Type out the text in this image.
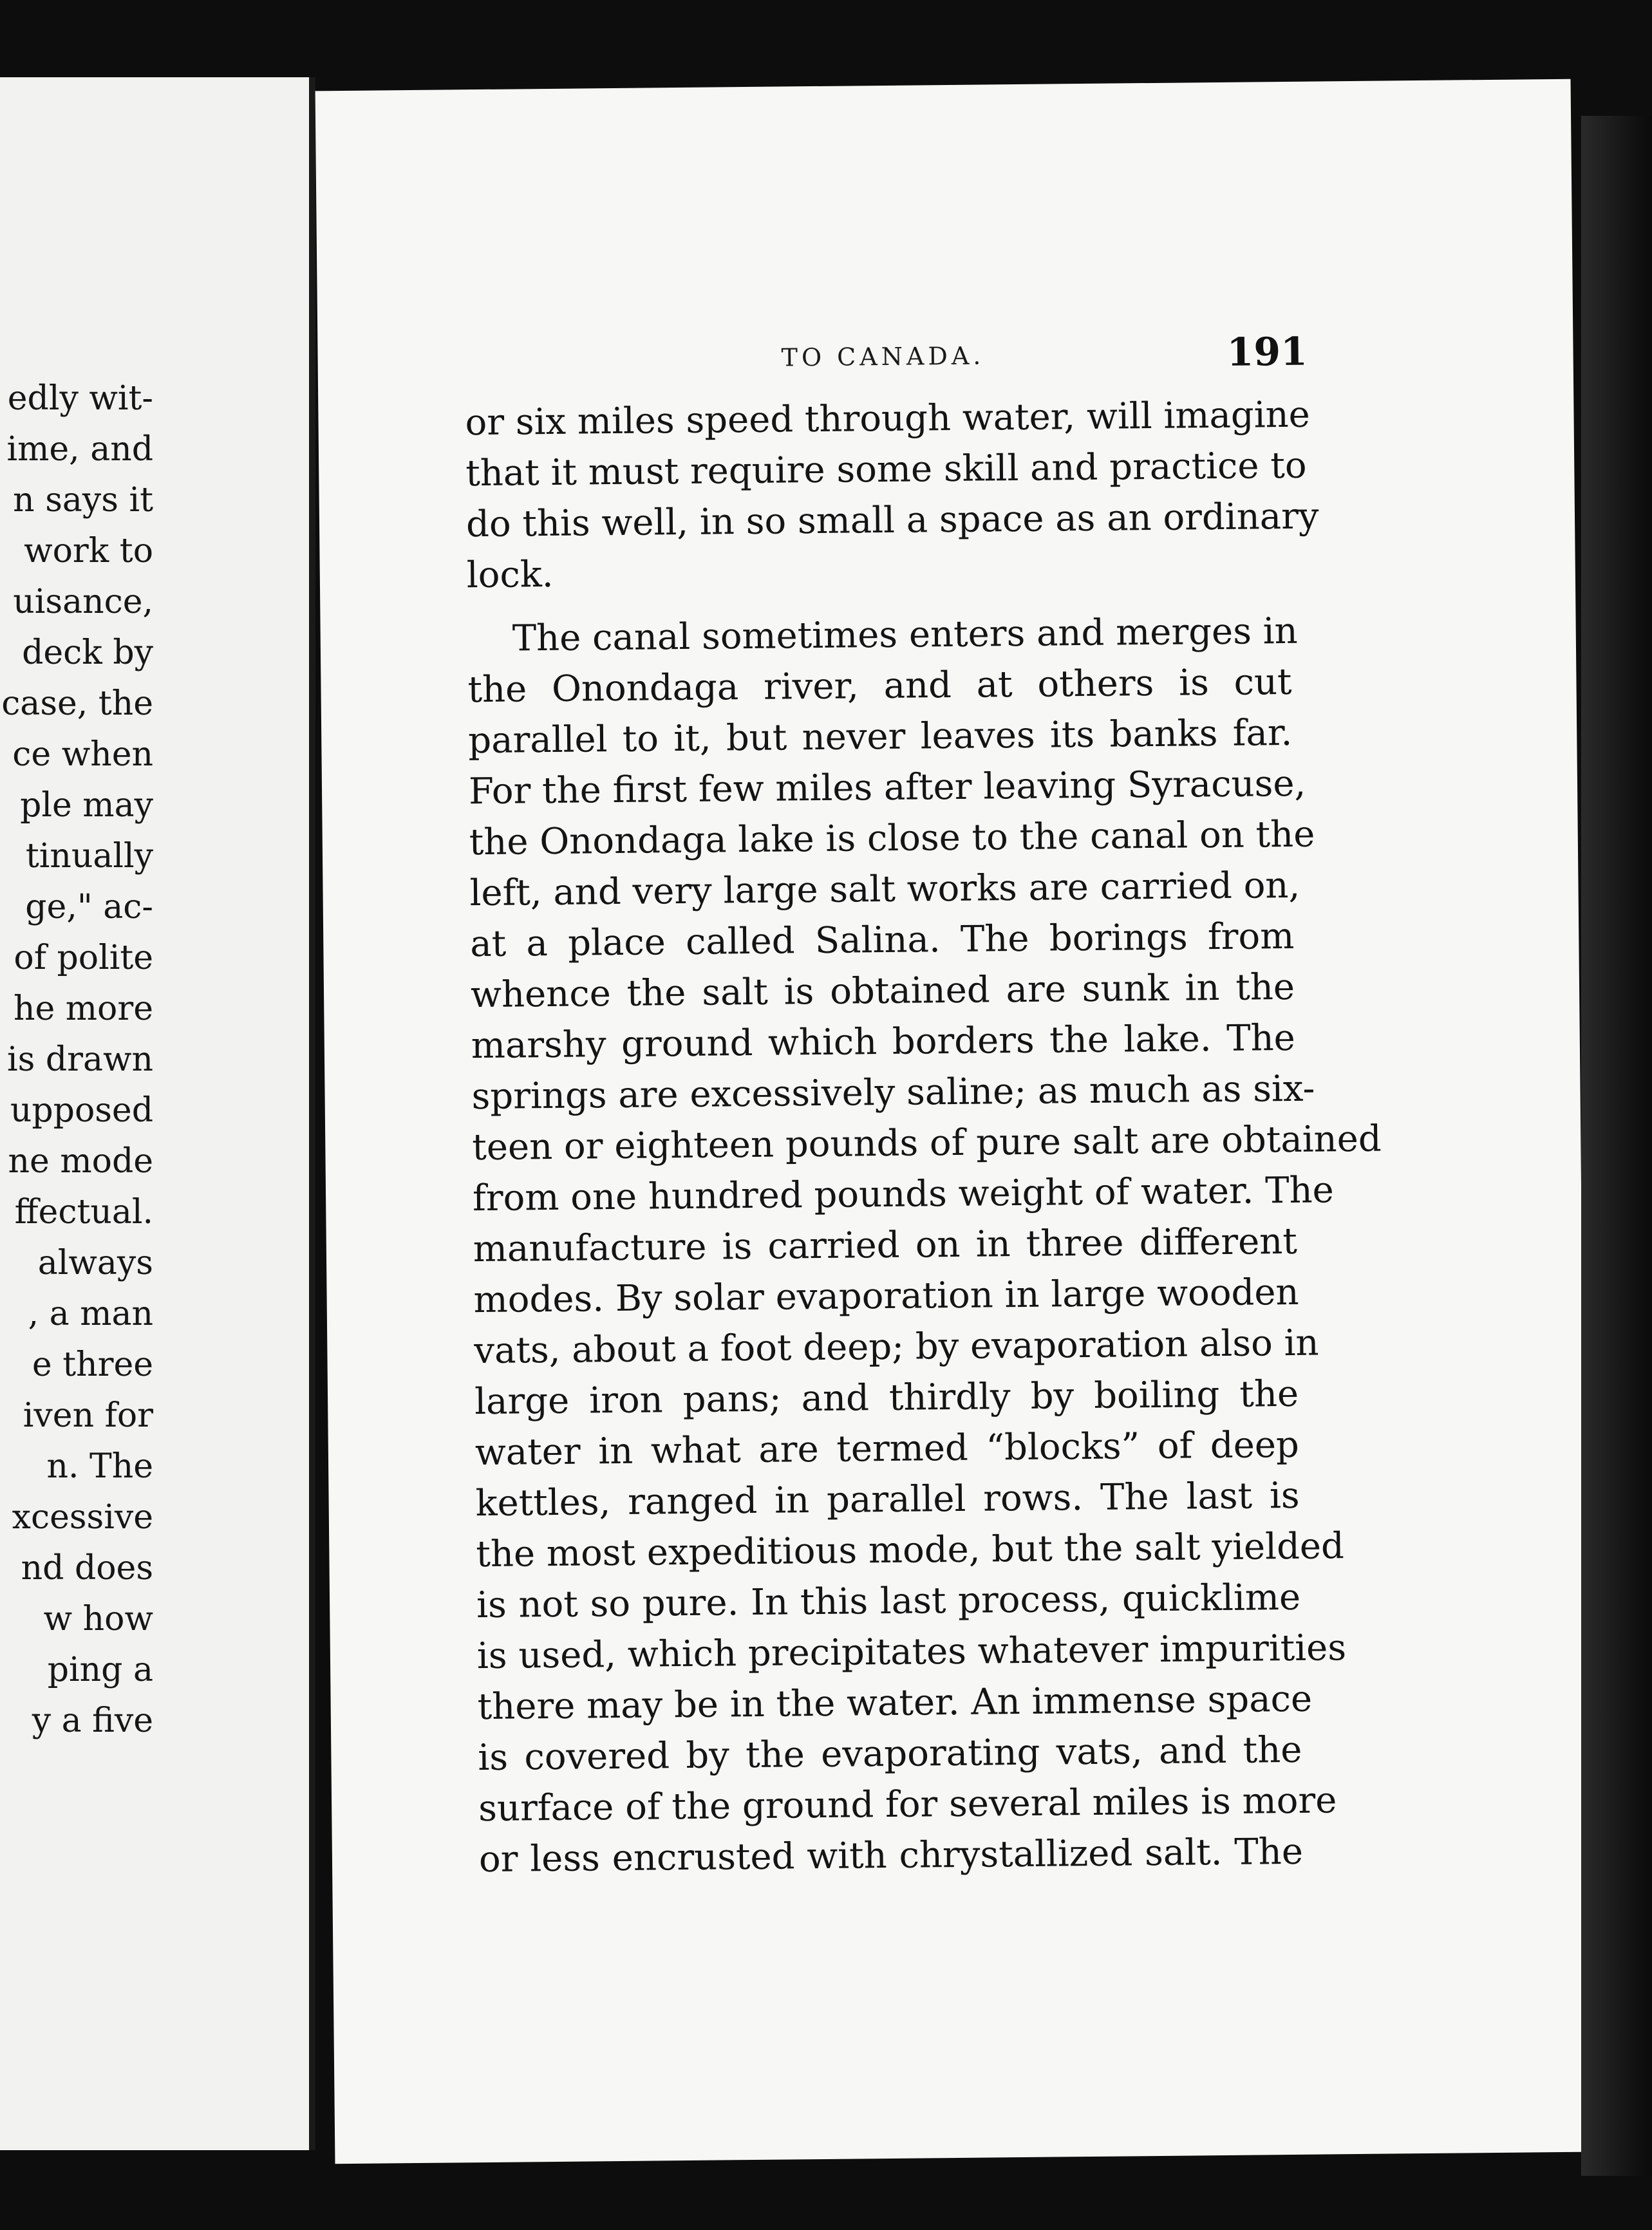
edly wit-
ime, and
n says it
work to
uisance,
deck by
case, the
ce when
ple may
tinually
ge," ac-
of polite
he more
is drawn
upposed
ne mode
ffectual.
always
, a man
e three
iven for
n. The
xcessive
nd does
w how
ping a
y a five
TO CANADA.	191
or six miles speed through water, will imagine
that it must require some skill and practice to
do this well, in so small a space as an ordinary
lock.
The canal sometimes enters and merges in
the Onondaga river, and at others is cut
parallel to it, but never leaves its banks far.
For the first few miles after leaving Syracuse,
the Onondaga lake is close to the canal on the
left, and very large salt works are carried on,
at a place called Salina. The borings from
whence the salt is obtained are sunk in the
marshy ground which borders the lake. The
springs are excessively saline; as much as six-
teen or eighteen pounds of pure salt are obtained
from one hundred pounds weight of water. The
manufacture is carried on in three different
modes. By solar evaporation in large wooden
vats, about a foot deep; by evaporation also in
large iron pans; and thirdly by boiling the
water in what are termed “blocks” of deep
kettles, ranged in parallel rows. The last is
the most expeditious mode, but the salt yielded
is not so pure. In this last process, quicklime
is used, which precipitates whatever impurities
there may be in the water. An immense space
is covered by the evaporating vats, and the
surface of the ground for several miles is more
or less encrusted with chrystallized salt. The
